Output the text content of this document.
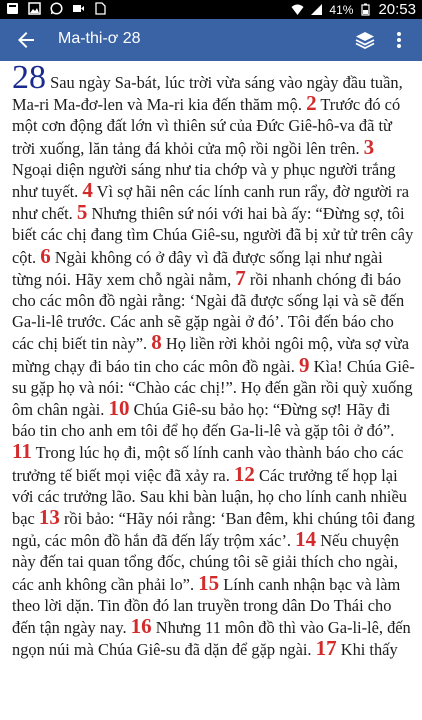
41% 20:53
Ma-thi-ơ 28

28 Sau ngày Sa-bát, lúc trời vừa sáng vào ngày đầu tuần, Ma-ri Ma-đơ-len và Ma-ri kia đến thăm mộ. 2 Trước đó có một cơn động đất lớn vì thiên sứ của Đức Giê-hô-va đã từ trời xuống, lăn tảng đá khỏi cửa mộ rồi ngồi lên trên. 3 Ngoại diện người sáng như tia chớp và y phục người trắng như tuyết. 4 Vì sợ hãi nên các lính canh run rẩy, đờ người ra như chết. 5 Nhưng thiên sứ nói với hai bà ấy: “Đừng sợ, tôi biết các chị đang tìm Chúa Giê-su, người đã bị xử tử trên cây cột. 6 Ngài không có ở đây vì đã được sống lại như ngài từng nói. Hãy xem chỗ ngài nằm, 7 rồi nhanh chóng đi báo cho các môn đồ ngài rằng: ‘Ngài đã được sống lại và sẽ đến Ga-li-lê trước. Các anh sẽ gặp ngài ở đó’. Tôi đến báo cho các chị biết tin này”. 8 Họ liền rời khỏi ngôi mộ, vừa sợ vừa mừng chạy đi báo tin cho các môn đồ ngài. 9 Kìa! Chúa Giê-su gặp họ và nói: “Chào các chị!”. Họ đến gần rồi quỳ xuống ôm chân ngài. 10 Chúa Giê-su bảo họ: “Đừng sợ! Hãy đi báo tin cho anh em tôi để họ đến Ga-li-lê và gặp tôi ở đó”. 11 Trong lúc họ đi, một số lính canh vào thành báo cho các trưởng tế biết mọi việc đã xảy ra. 12 Các trưởng tế họp lại với các trưởng lão. Sau khi bàn luận, họ cho lính canh nhiều bạc 13 rồi bảo: “Hãy nói rằng: ‘Ban đêm, khi chúng tôi đang ngủ, các môn đồ hắn đã đến lấy trộm xác’. 14 Nếu chuyện này đến tai quan tổng đốc, chúng tôi sẽ giải thích cho ngài, các anh không cần phải lo”. 15 Lính canh nhận bạc và làm theo lời dặn. Tin đồn đó lan truyền trong dân Do Thái cho đến tận ngày nay. 16 Nhưng 11 môn đồ thì vào Ga-li-lê, đến ngọn núi mà Chúa Giê-su đã dặn để gặp ngài. 17 Khi thấy
